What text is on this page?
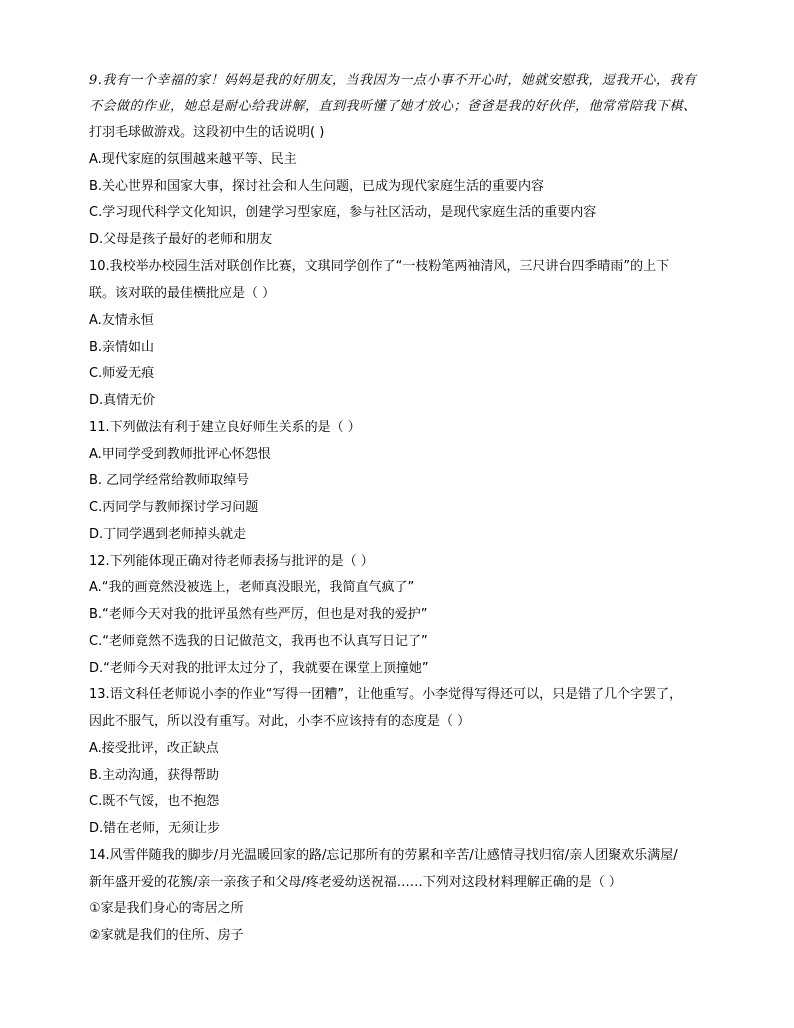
9.我有一个幸福的家！妈妈是我的好朋友，当我因为一点小事不开心时，她就安慰我，逗我开心，我有
不会做的作业，她总是耐心给我讲解，直到我听懂了她才放心；爸爸是我的好伙伴，他常常陪我下棋、
打羽毛球做游戏。这段初中生的话说明( )
A.现代家庭的氛围越来越平等、民主
B.关心世界和国家大事，探讨社会和人生问题，已成为现代家庭生活的重要内容
C.学习现代科学文化知识，创建学习型家庭，参与社区活动，是现代家庭生活的重要内容
D.父母是孩子最好的老师和朋友
10.我校举办校园生活对联创作比赛，文琪同学创作了“一枝粉笔两袖清风，三尺讲台四季晴雨”的上下
联。该对联的最佳横批应是（ ）
A.友情永恒
B.亲情如山
C.师爱无痕
D.真情无价
11.下列做法有利于建立良好师生关系的是（ ）
A.甲同学受到教师批评心怀怨恨
B. 乙同学经常给教师取绰号
C.丙同学与教师探讨学习问题
D.丁同学遇到老师掉头就走
12.下列能体现正确对待老师表扬与批评的是（ ）
A.“我的画竟然没被选上，老师真没眼光，我简直气疯了”
B.“老师今天对我的批评虽然有些严厉，但也是对我的爱护”
C.“老师竟然不选我的日记做范文，我再也不认真写日记了”
D.“老师今天对我的批评太过分了，我就要在课堂上顶撞她”
13.语文科任老师说小李的作业“写得一团糟”，让他重写。小李觉得写得还可以，只是错了几个字罢了，
因此不服气，所以没有重写。对此，小李不应该持有的态度是（ ）
A.接受批评，改正缺点
B.主动沟通，获得帮助
C.既不气馁，也不抱怨
D.错在老师，无须让步
14.风雪伴随我的脚步/月光温暖回家的路/忘记那所有的劳累和辛苦/让感情寻找归宿/亲人团聚欢乐满屋/
新年盛开爱的花簇/亲一亲孩子和父母/疼老爱幼送祝福……下列对这段材料理解正确的是（ ）
①家是我们身心的寄居之所
②家就是我们的住所、房子
